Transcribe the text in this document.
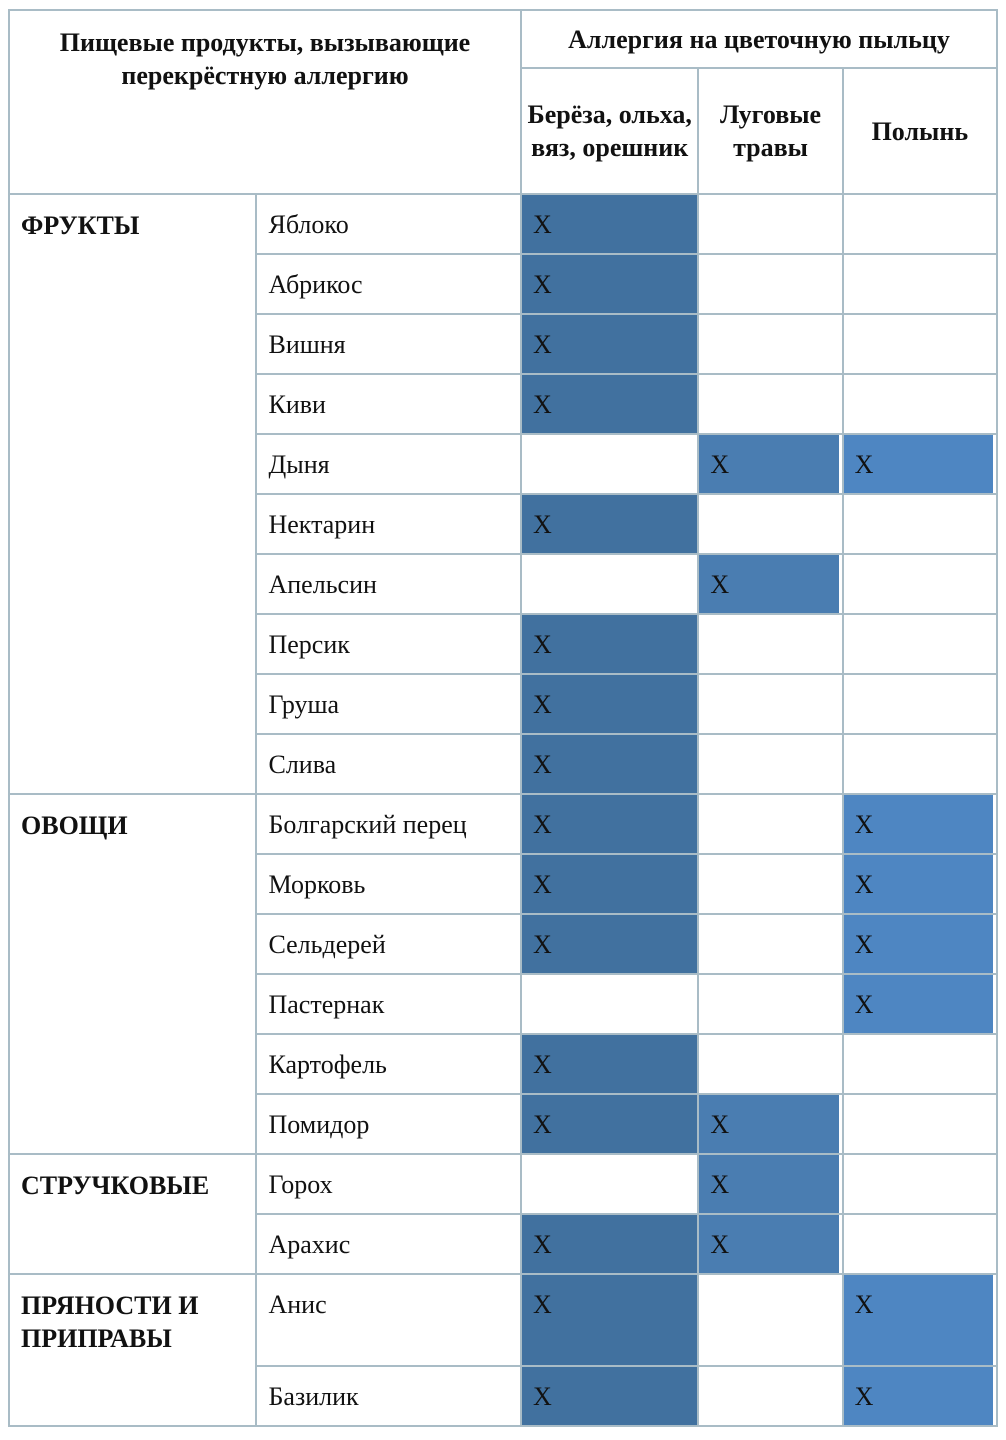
Пищевые продукты, вызывающие перекрёстную аллергию		Аллергия на цветочную пыльцу		
		Берёза, ольха, вяз, орешник	Луговые травы	Полынь
ФРУКТЫ	Яблоко	X		
	Абрикос	X		
	Вишня	X		
	Киви	X		
	Дыня		X	X
	Нектарин	X		
	Апельсин		X	
	Персик	X		
	Груша	X		
	Слива	X		
ОВОЩИ	Болгарский перец	X		X
	Морковь	X		X
	Сельдерей	X		X
	Пастернак			X
	Картофель	X		
	Помидор	X	X	
СТРУЧКОВЫЕ	Горох		X	
	Арахис	X	X	
ПРЯНОСТИ И ПРИПРАВЫ	Анис	X		X
	Базилик	X		X
